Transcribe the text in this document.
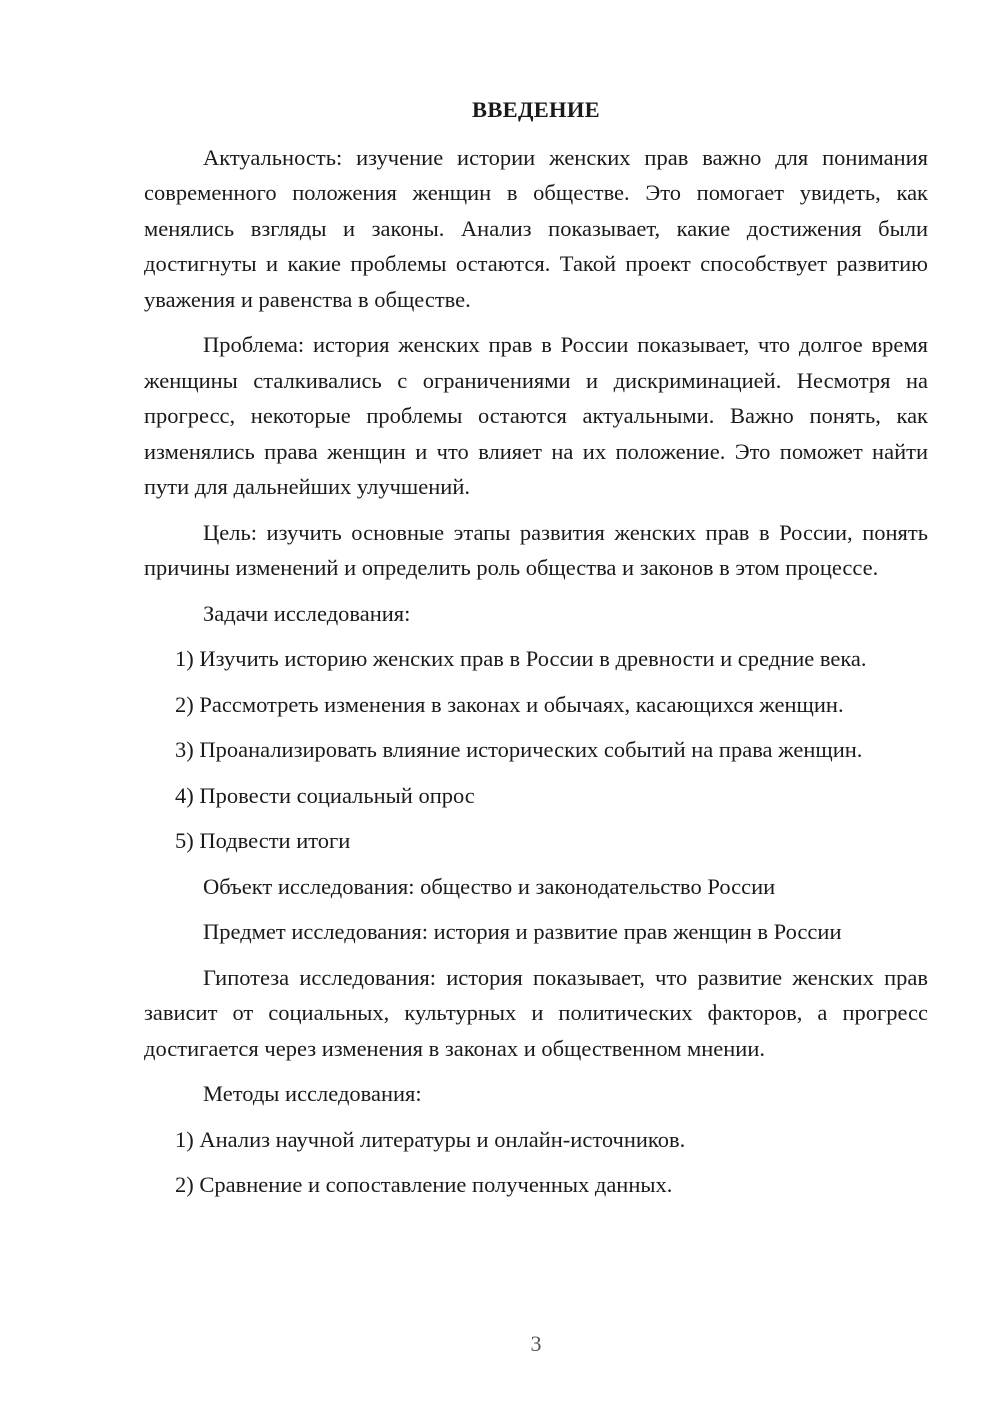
ВВЕДЕНИЕ

Актуальность: изучение истории женских прав важно для понимания современного положения женщин в обществе. Это помогает увидеть, как менялись взгляды и законы. Анализ показывает, какие достижения были достигнуты и какие проблемы остаются. Такой проект способствует развитию уважения и равенства в обществе.

Проблема: история женских прав в России показывает, что долгое время женщины сталкивались с ограничениями и дискриминацией. Несмотря на прогресс, некоторые проблемы остаются актуальными. Важно понять, как изменялись права женщин и что влияет на их положение. Это поможет найти пути для дальнейших улучшений.

Цель: изучить основные этапы развития женских прав в России, понять причины изменений и определить роль общества и законов в этом процессе.

Задачи исследования:

1) Изучить историю женских прав в России в древности и средние века.

2) Рассмотреть изменения в законах и обычаях, касающихся женщин.

3) Проанализировать влияние исторических событий на права женщин.

4) Провести социальный опрос

5) Подвести итоги

Объект исследования: общество и законодательство России

Предмет исследования: история и развитие прав женщин в России

Гипотеза исследования: история показывает, что развитие женских прав зависит от социальных, культурных и политических факторов, а прогресс достигается через изменения в законах и общественном мнении.

Методы исследования:

1) Анализ научной литературы и онлайн-источников.

2) Сравнение и сопоставление полученных данных.

3
